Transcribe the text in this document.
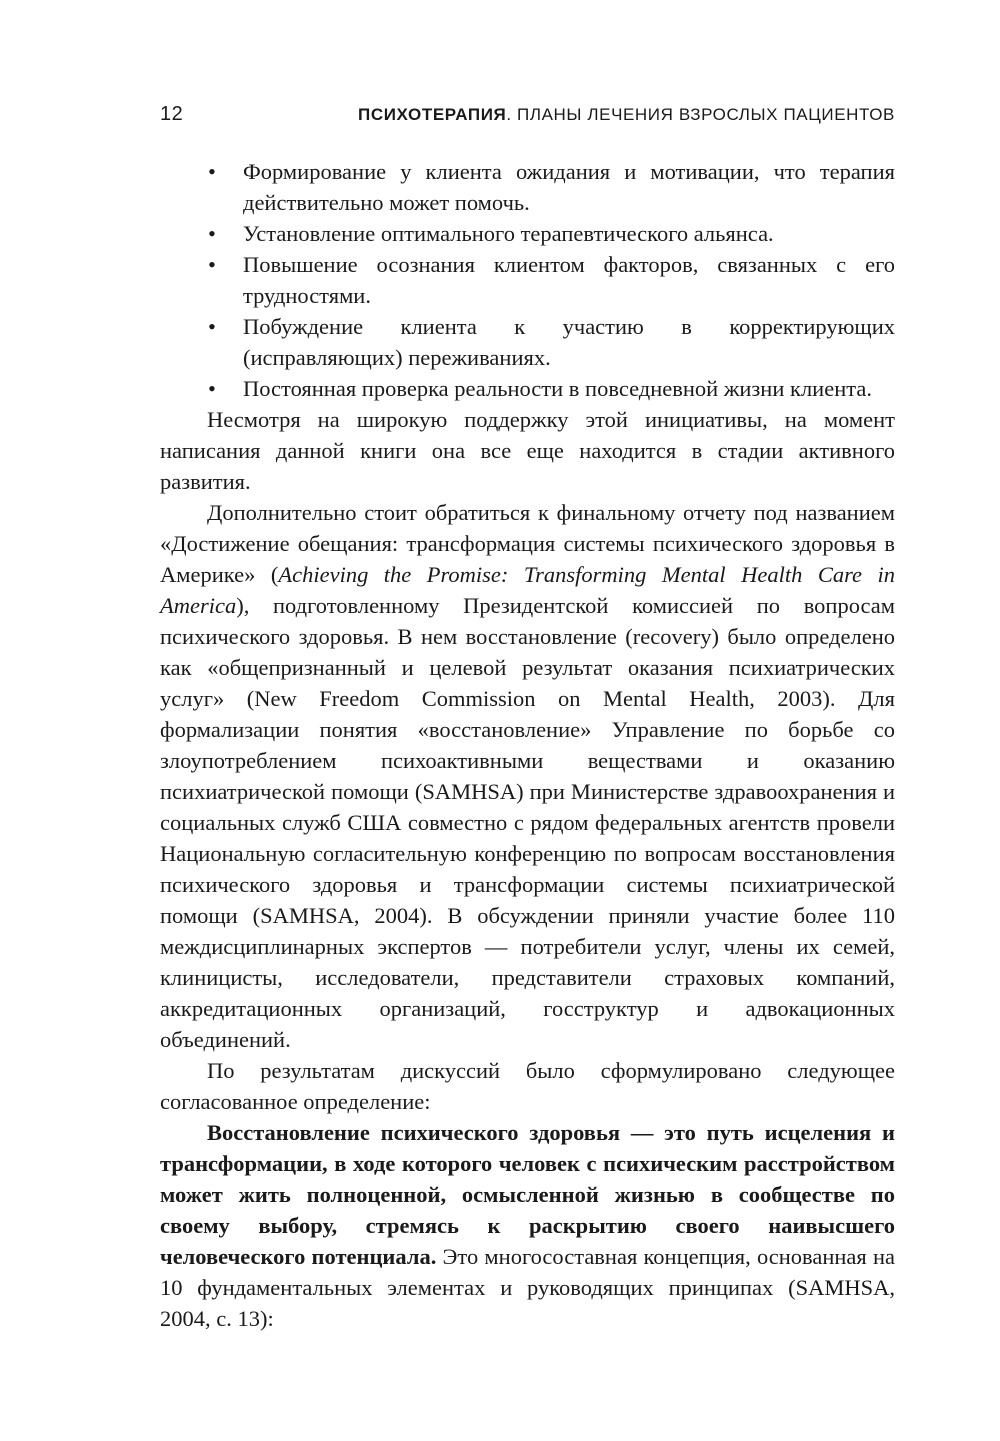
12	ПСИХОТЕРАПИЯ. ПЛАНЫ ЛЕЧЕНИЯ ВЗРОСЛЫХ ПАЦИЕНТОВ
• Формирование у клиента ожидания и мотивации, что терапия действительно может помочь.
• Установление оптимального терапевтического альянса.
• Повышение осознания клиентом факторов, связанных с его трудностями.
• Побуждение клиента к участию в корректирующих (исправляющих) переживаниях.
• Постоянная проверка реальности в повседневной жизни клиента.

Несмотря на широкую поддержку этой инициативы, на момент написания данной книги она все еще находится в стадии активного развития.

Дополнительно стоит обратиться к финальному отчету под названием «Достижение обещания: трансформация системы психического здоровья в Америке» (Achieving the Promise: Transforming Mental Health Care in America), подготовленному Президентской комиссией по вопросам психического здоровья. В нем восстановление (recovery) было определено как «общепризнанный и целевой результат оказания психиатрических услуг» (New Freedom Commission on Mental Health, 2003). Для формализации понятия «восстановление» Управление по борьбе со злоупотреблением психоактивными веществами и оказанию психиатрической помощи (SAMHSA) при Министерстве здравоохранения и социальных служб США совместно с рядом федеральных агентств провели Национальную согласительную конференцию по вопросам восстановления психического здоровья и трансформации системы психиатрической помощи (SAMHSA, 2004). В обсуждении приняли участие более 110 междисциплинарных экспертов — потребители услуг, члены их семей, клиницисты, исследователи, представители страховых компаний, аккредитационных организаций, госструктур и адвокационных объединений.

По результатам дискуссий было сформулировано следующее согласованное определение:

Восстановление психического здоровья — это путь исцеления и трансформации, в ходе которого человек с психическим расстройством может жить полноценной, осмысленной жизнью в сообществе по своему выбору, стремясь к раскрытию своего наивысшего человеческого потенциала. Это многосоставная концепция, основанная на 10 фундаментальных элементах и руководящих принципах (SAMHSA, 2004, с. 13):
